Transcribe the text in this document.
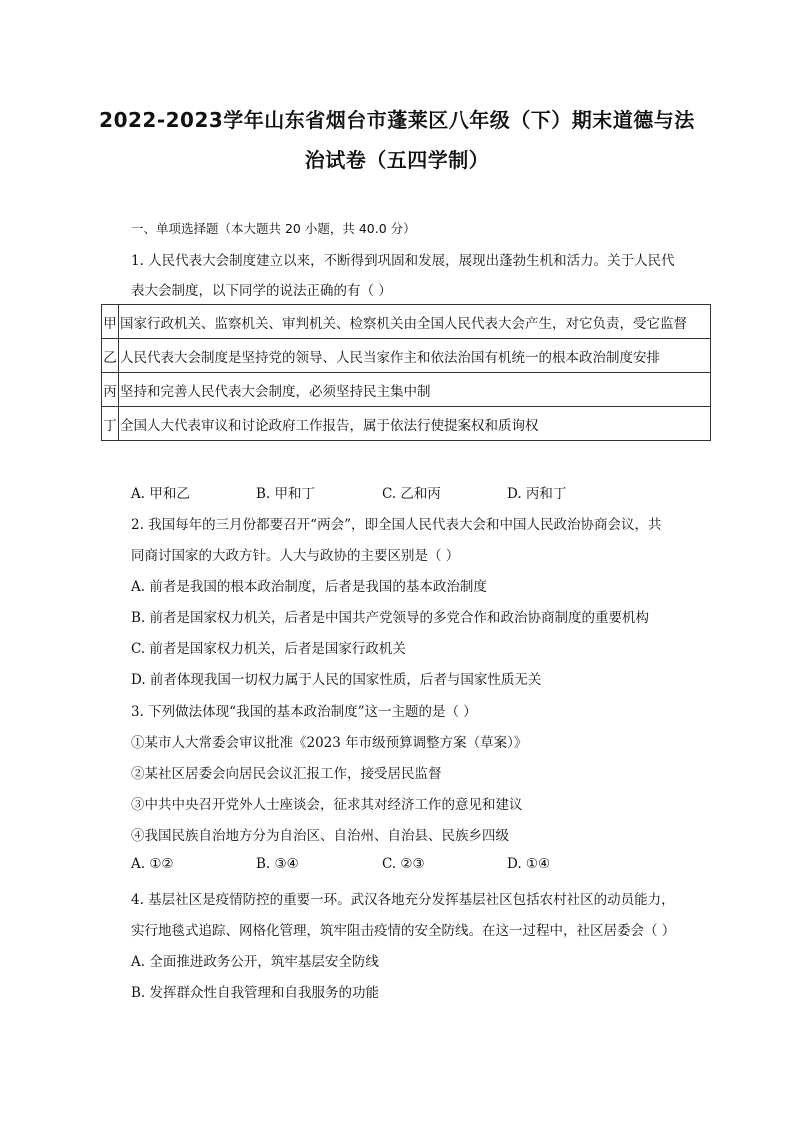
2022-2023学年山东省烟台市蓬莱区八年级（下）期末道德与法
治试卷（五四学制）
一、单项选择题（本大题共 20 小题，共 40.0 分）
1. 人民代表大会制度建立以来，不断得到巩固和发展，展现出蓬勃生机和活力。关于人民代
表大会制度，以下同学的说法正确的有（ ）
甲	国家行政机关、监察机关、审判机关、检察机关由全国人民代表大会产生，对它负责，受它监督
乙	人民代表大会制度是坚持党的领导、人民当家作主和依法治国有机统一的根本政治制度安排
丙	坚持和完善人民代表大会制度，必须坚持民主集中制
丁	全国人大代表审议和讨论政府工作报告，属于依法行使提案权和质询权
A. 甲和乙	B. 甲和丁	C. 乙和丙	D. 丙和丁
2. 我国每年的三月份都要召开“两会”，即全国人民代表大会和中国人民政治协商会议，共
同商讨国家的大政方针。人大与政协的主要区别是（ ）
A. 前者是我国的根本政治制度，后者是我国的基本政治制度
B. 前者是国家权力机关，后者是中国共产党领导的多党合作和政治协商制度的重要机构
C. 前者是国家权力机关，后者是国家行政机关
D. 前者体现我国一切权力属于人民的国家性质，后者与国家性质无关
3. 下列做法体现“我国的基本政治制度”这一主题的是（ ）
①某市人大常委会审议批准《2023 年市级预算调整方案（草案）》
②某社区居委会向居民会议汇报工作，接受居民监督
③中共中央召开党外人士座谈会，征求其对经济工作的意见和建议
④我国民族自治地方分为自治区、自治州、自治县、民族乡四级
A. ①②	B. ③④	C. ②③	D. ①④
4. 基层社区是疫情防控的重要一环。武汉各地充分发挥基层社区包括农村社区的动员能力，
实行地毯式追踪、网格化管理，筑牢阻击疫情的安全防线。在这一过程中，社区居委会（ ）
A. 全面推进政务公开，筑牢基层安全防线
B. 发挥群众性自我管理和自我服务的功能
